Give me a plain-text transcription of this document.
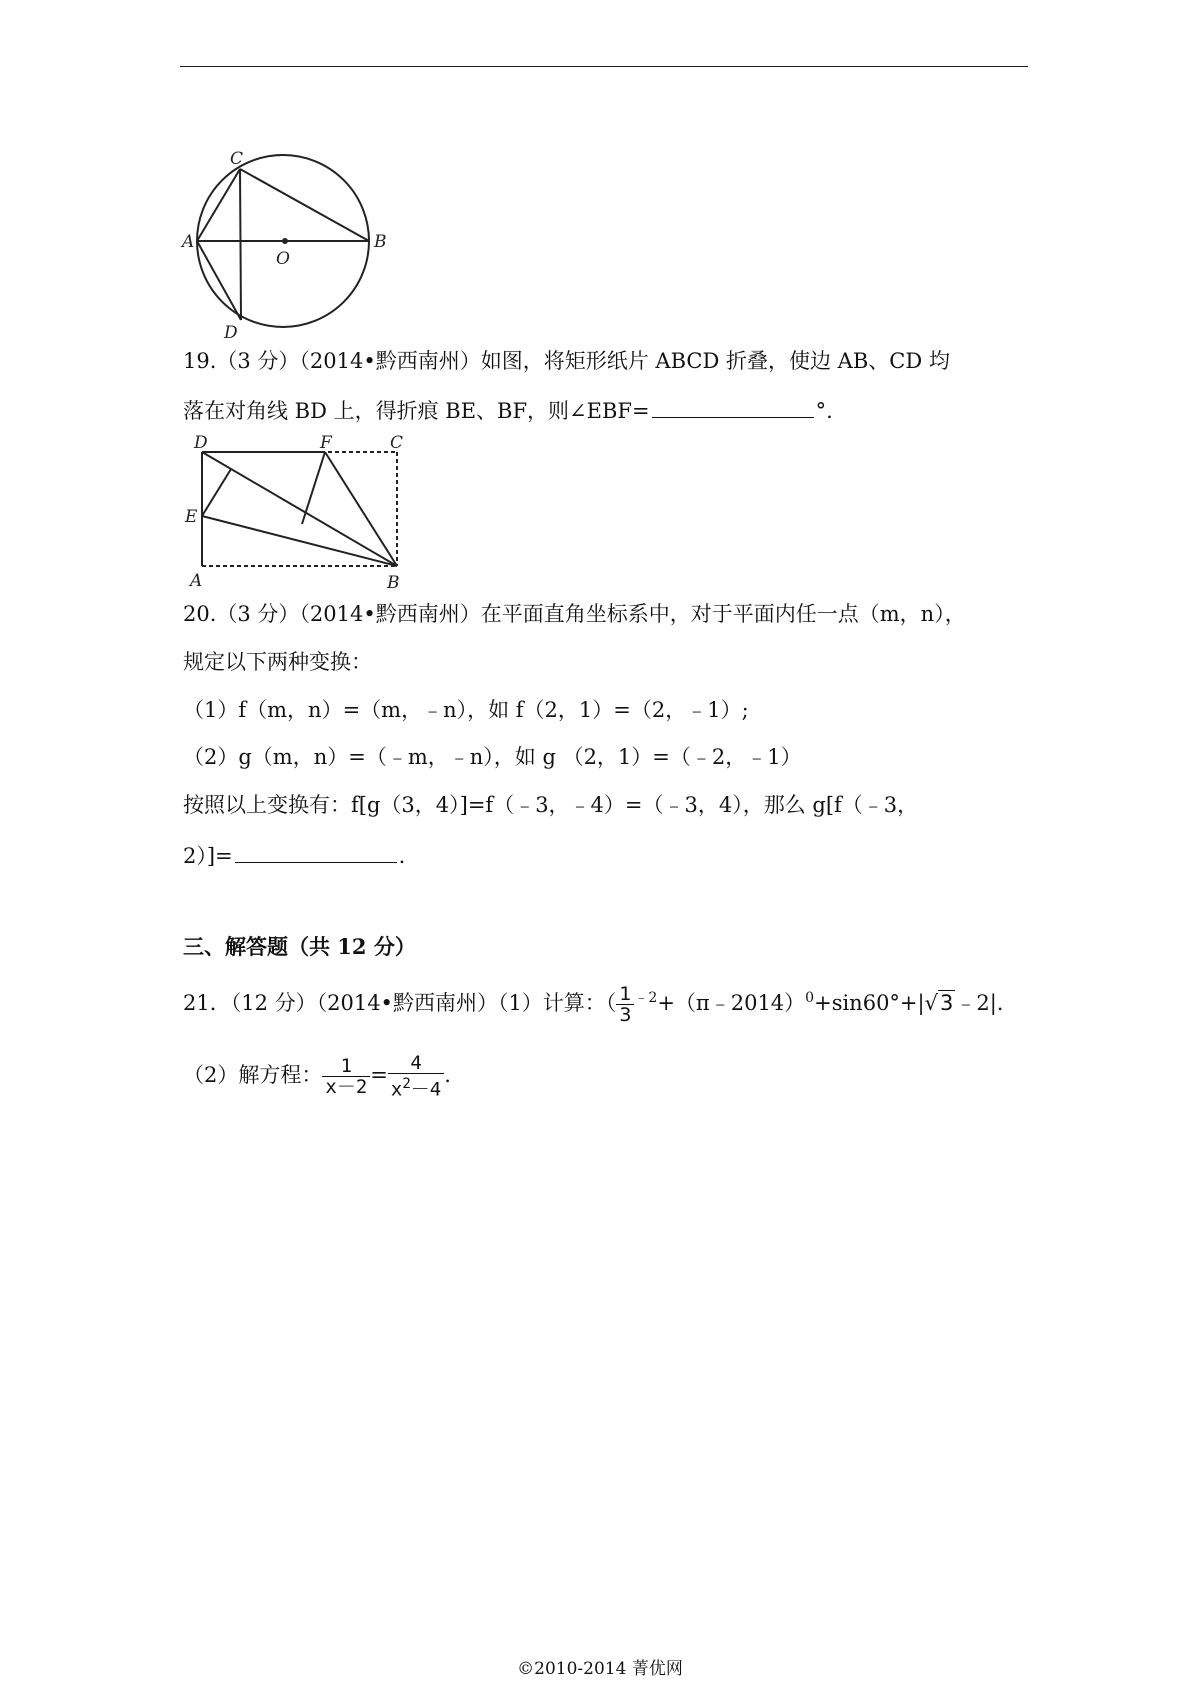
C
A
O
B
D
19.（3 分）（2014•黔西南州）如图，将矩形纸片 ABCD 折叠，使边 AB、CD 均
落在对角线 BD 上，得折痕 BE、BF，则∠EBF=	°.
D	F	C
E
A	B
20.（3 分）（2014•黔西南州）在平面直角坐标系中，对于平面内任一点（m，n），
规定以下两种变换：
（1）f（m，n）=（m，﹣n），如 f（2，1）=（2，﹣1）;
（2）g（m，n）=（﹣m，﹣n），如 g （2，1）=（﹣2，﹣1）
按照以上变换有：f[g（3，4）]=f（﹣3，﹣4）=（﹣3，4），那么 g[f（﹣3，
2）]=	.
三、解答题（共 12 分）
21．（12 分）（2014•黔西南州）（1）计算：（ $\frac{1}{3}$ $^{﹣2}$+（π﹣2014）$^0$+sin60°+|√3﹣2|.
（2）解方程： $\frac{1}{x-2} = \frac{4}{x^2-4}$ .
©2010-2014 菁优网
